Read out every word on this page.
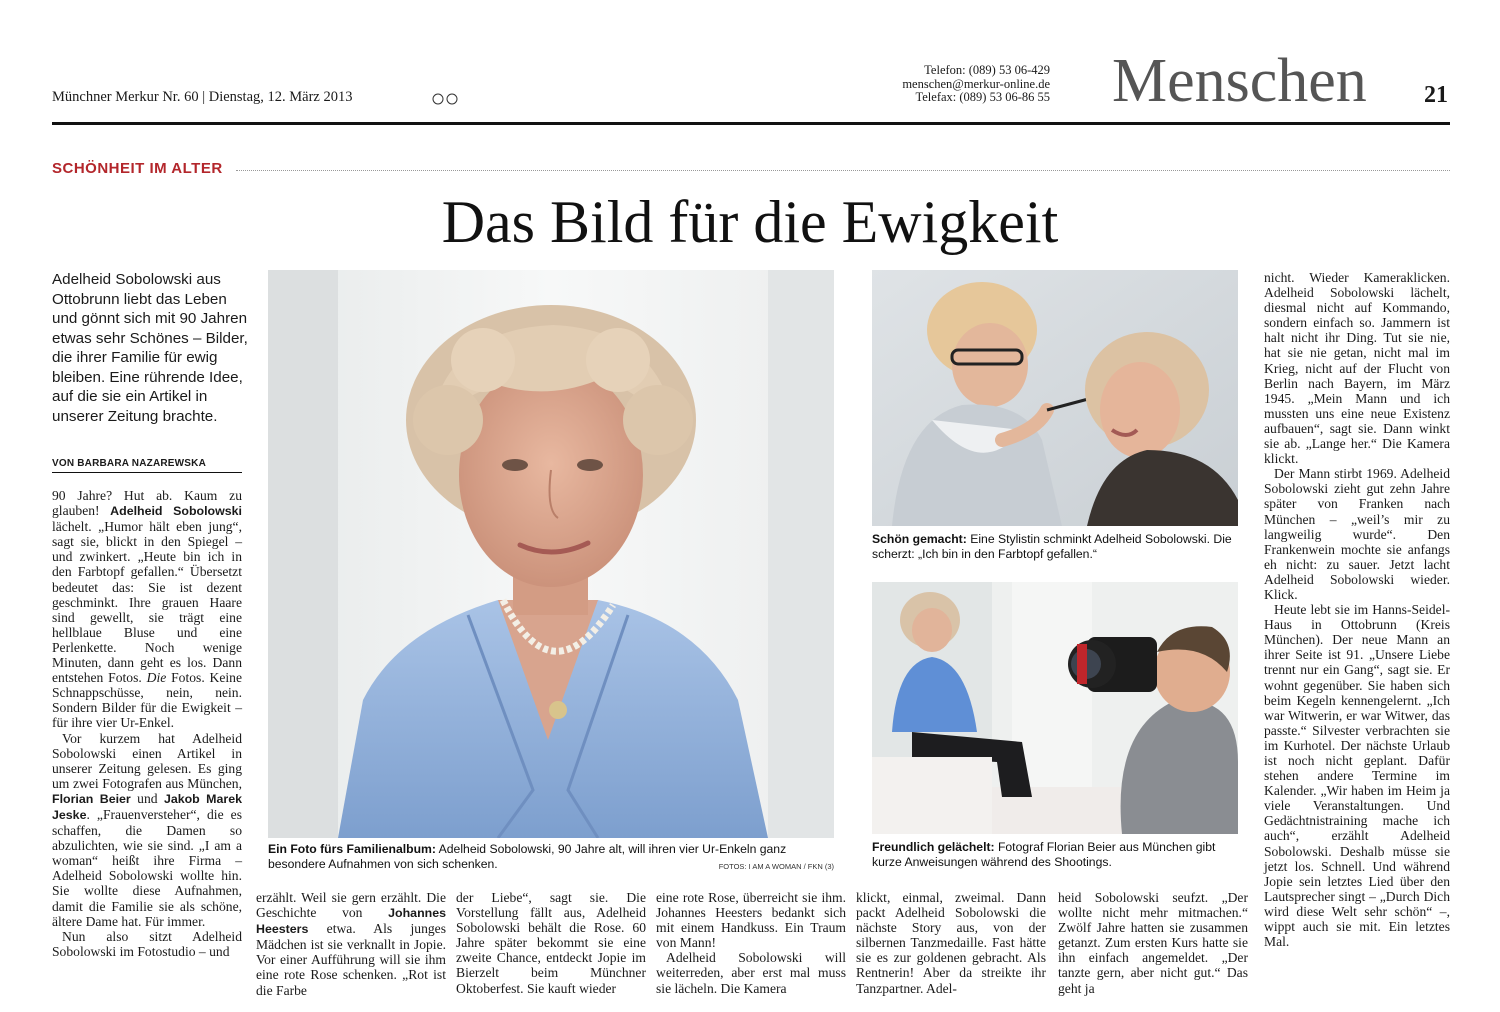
Münchner Merkur Nr. 60 | Dienstag, 12. März 2013
Telefon: (089) 53 06-429
menschen@merkur-online.de
Telefax: (089) 53 06-86 55 Menschen 21
SCHÖNHEIT IM ALTER
Das Bild für die Ewigkeit
Adelheid Sobolowski aus Ottobrunn liebt das Leben und gönnt sich mit 90 Jahren etwas sehr Schönes – Bilder, die ihrer Familie für ewig bleiben. Eine rührende Idee, auf die sie ein Artikel in unserer Zeitung brachte.
VON BARBARA NAZAREWSKA

90 Jahre? Hut ab. Kaum zu glauben! Adelheid Sobolowski lächelt. „Humor hält eben jung“, sagt sie, blickt in den Spiegel – und zwinkert. „Heute bin ich in den Farbtopf gefallen.“ Übersetzt bedeutet das: Sie ist dezent geschminkt. Ihre grauen Haare sind gewellt, sie trägt eine hellblaue Bluse und eine Perlenkette. Noch wenige Minuten, dann geht es los. Dann entstehen Fotos. Die Fotos. Keine Schnappschüsse, nein, nein. Sondern Bilder für die Ewigkeit – für ihre vier Ur-Enkel.

Vor kurzem hat Adelheid Sobolowski einen Artikel in unserer Zeitung gelesen. Es ging um zwei Fotografen aus München, Florian Beier und Jakob Marek Jeske. „Frauenversteher“, die es schaffen, die Damen so abzulichten, wie sie sind. „I am a woman“ heißt ihre Firma – Adelheid Sobolowski wollte hin. Sie wollte diese Aufnahmen, damit die Familie sie als schöne, ältere Dame hat. Für immer.

Nun also sitzt Adelheid Sobolowski im Fotostudio – und

Ein Foto fürs Familienalbum: Adelheid Sobolowski, 90 Jahre alt, will ihren vier Ur-Enkeln ganz besondere Aufnahmen von sich schenken.	FOTOS: I AM A WOMAN / FKN (3)
Schön gemacht: Eine Stylistin schminkt Adelheid Sobolowski. Die scherzt: „Ich bin in den Farbtopf gefallen.“
Freundlich gelächelt: Fotograf Florian Beier aus München gibt kurze Anweisungen während des Shootings.

erzählt. Weil sie gern erzählt. Die Geschichte von Johannes Heesters etwa. Als junges Mädchen ist sie verknallt in Jopie. Vor einer Aufführung will sie ihm eine rote Rose schenken. „Rot ist die Farbe

der Liebe“, sagt sie. Die Vorstellung fällt aus, Adelheid Sobolowski behält die Rose. 60 Jahre später bekommt sie eine zweite Chance, entdeckt Jopie im Bierzelt beim Münchner Oktoberfest. Sie kauft wieder

eine rote Rose, überreicht sie ihm. Johannes Heesters bedankt sich mit einem Handkuss. Ein Traum von Mann!

Adelheid Sobolowski will weiterreden, aber erst mal muss sie lächeln. Die Kamera

klickt, einmal, zweimal. Dann packt Adelheid Sobolowski die nächste Story aus, von der silbernen Tanzmedaille. Fast hätte sie es zur goldenen gebracht. Als Rentnerin! Aber da streikte ihr Tanzpartner. Adel-

heid Sobolowski seufzt. „Der wollte nicht mehr mitmachen.“ Zwölf Jahre hatten sie zusammen getanzt. Zum ersten Kurs hatte sie ihn einfach angemeldet. „Der tanzte gern, aber nicht gut.“ Das geht ja

nicht. Wieder Kameraklicken. Adelheid Sobolowski lächelt, diesmal nicht auf Kommando, sondern einfach so. Jammern ist halt nicht ihr Ding. Tut sie nie, hat sie nie getan, nicht mal im Krieg, nicht auf der Flucht von Berlin nach Bayern, im März 1945. „Mein Mann und ich mussten uns eine neue Existenz aufbauen“, sagt sie. Dann winkt sie ab. „Lange her.“ Die Kamera klickt.

Der Mann stirbt 1969. Adelheid Sobolowski zieht gut zehn Jahre später von Franken nach München – „weil’s mir zu langweilig wurde“. Den Frankenwein mochte sie anfangs eh nicht: zu sauer. Jetzt lacht Adelheid Sobolowski wieder. Klick.

Heute lebt sie im Hanns-Seidel-Haus in Ottobrunn (Kreis München). Der neue Mann an ihrer Seite ist 91. „Unsere Liebe trennt nur ein Gang“, sagt sie. Er wohnt gegenüber. Sie haben sich beim Kegeln kennengelernt. „Ich war Witwerin, er war Witwer, das passte.“ Silvester verbrachten sie im Kurhotel. Der nächste Urlaub ist noch nicht geplant. Dafür stehen andere Termine im Kalender. „Wir haben im Heim ja viele Veranstaltungen. Und Gedächtnistraining mache ich auch“, erzählt Adelheid Sobolowski. Deshalb müsse sie jetzt los. Schnell. Und während Jopie sein letztes Lied über den Lautsprecher singt – „Durch Dich wird diese Welt sehr schön“ –, wippt auch sie mit. Ein letztes Mal.
